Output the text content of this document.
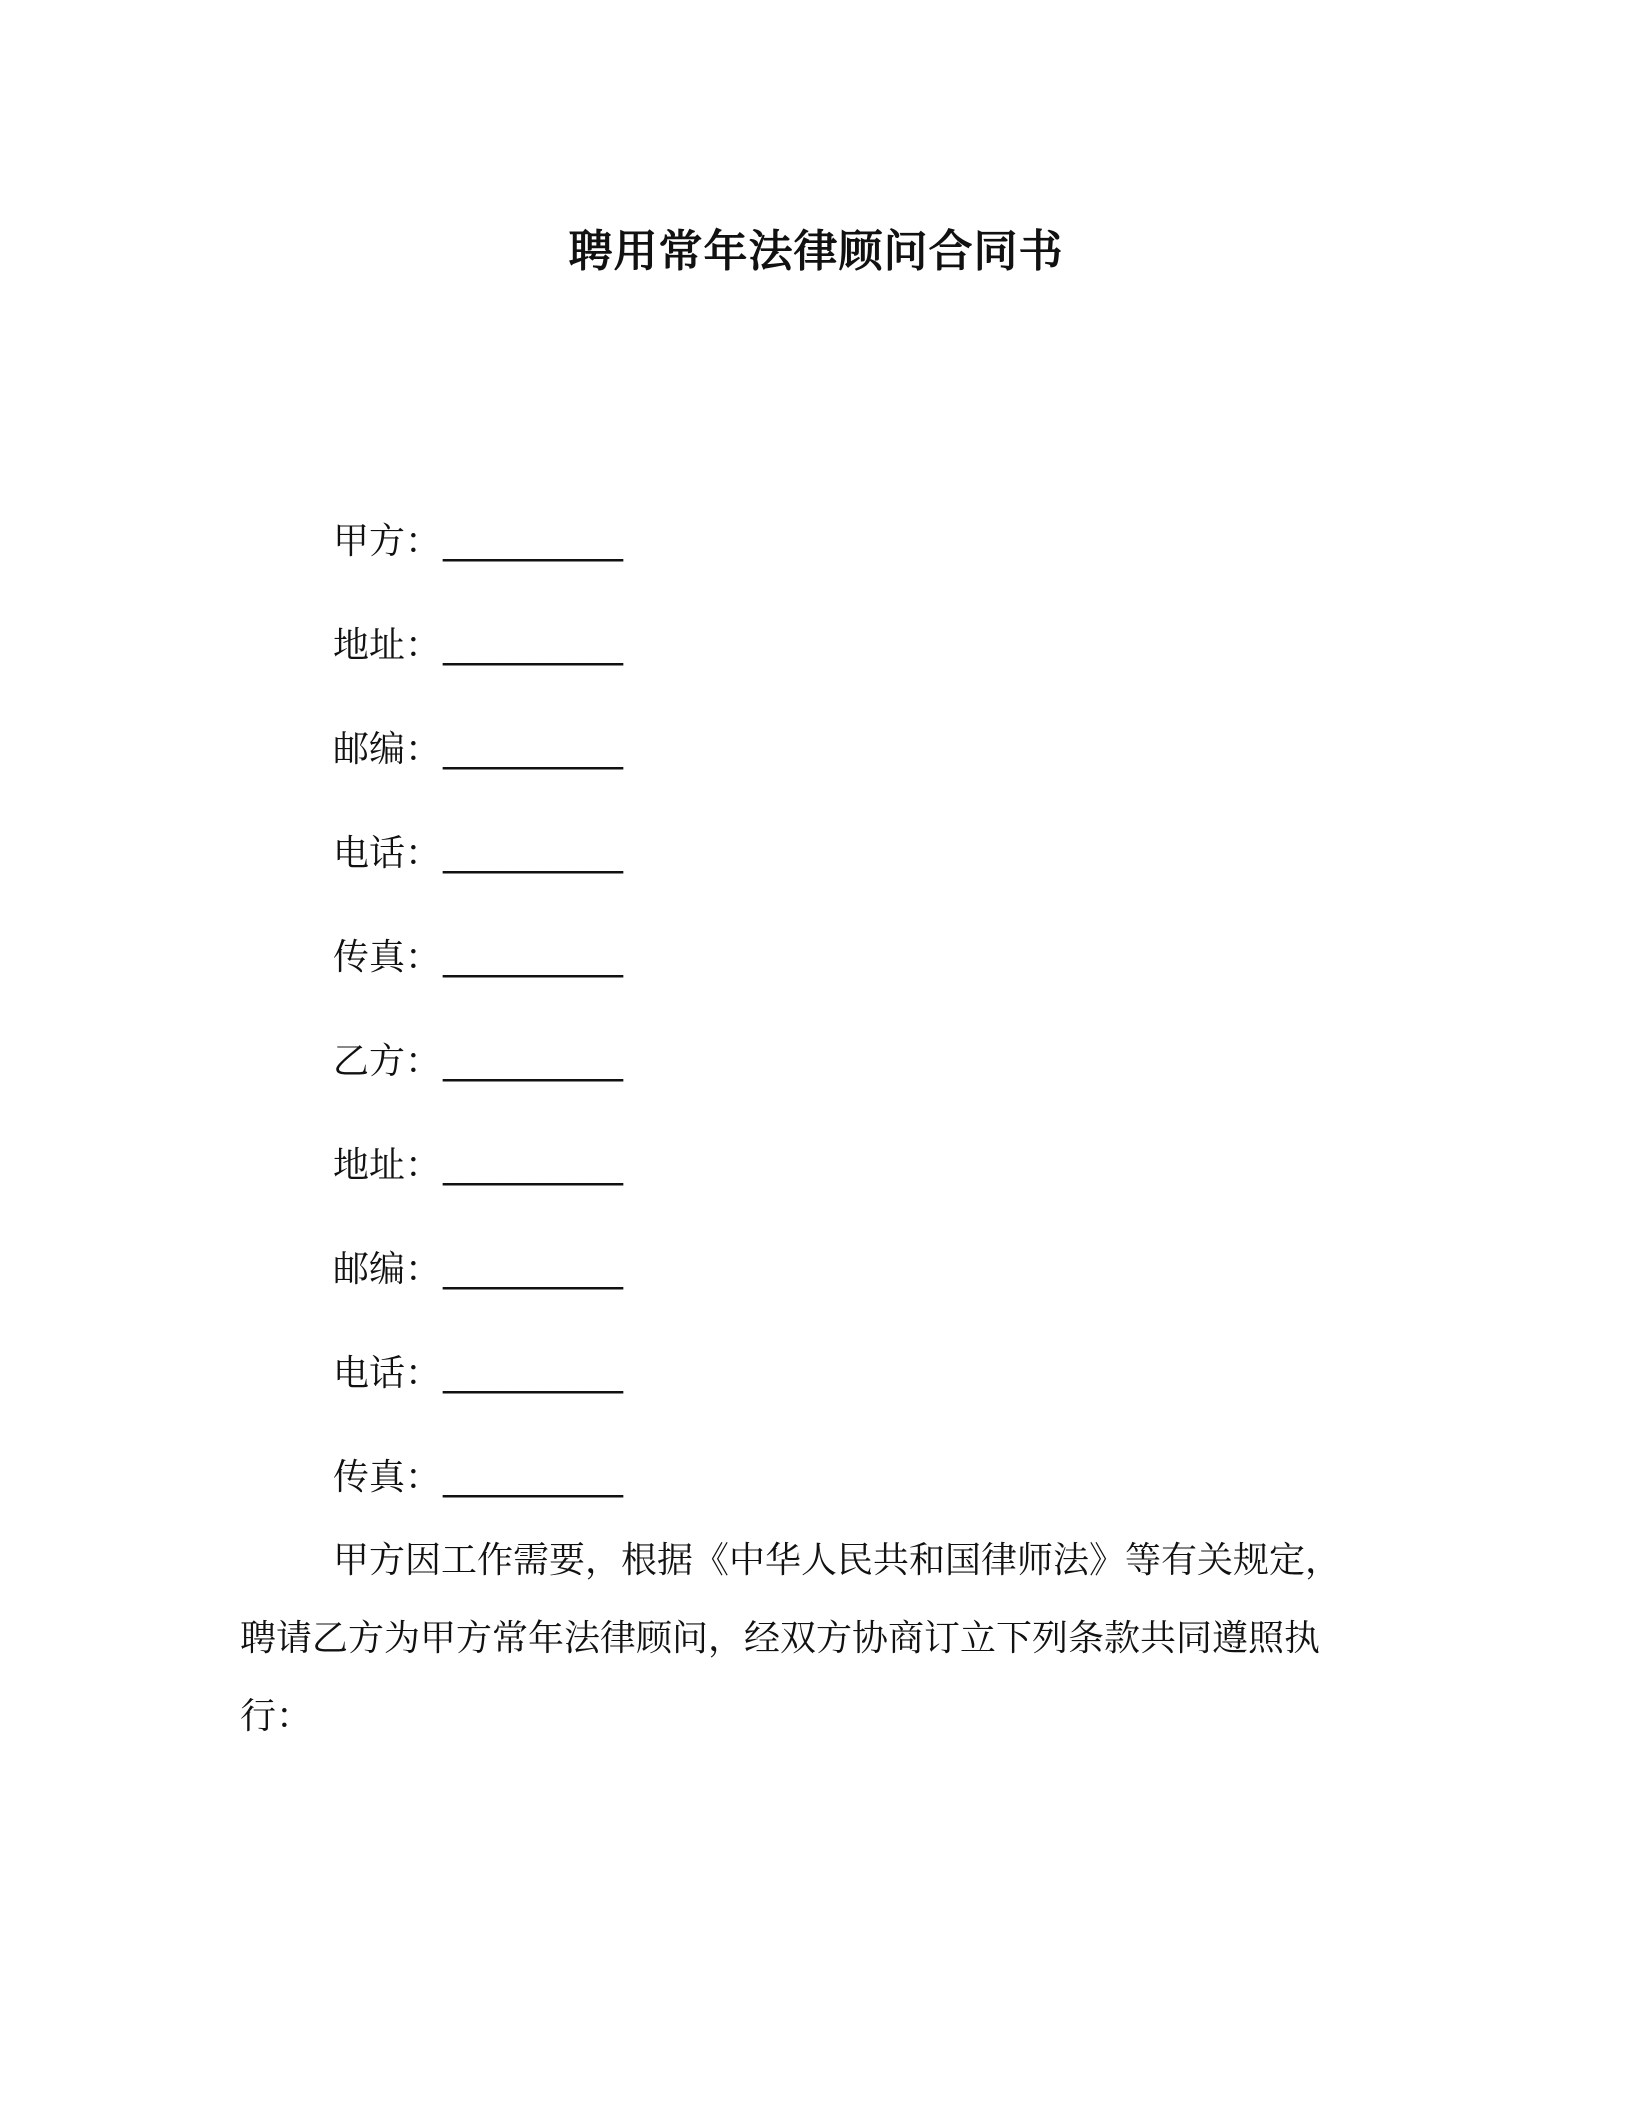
聘用常年法律顾问合同书
甲方： __________
地址： __________
邮编： __________
电话： __________
传真： __________
乙方： __________
地址： __________
邮编： __________
电话： __________
传真： __________
甲方因工作需要，根据《中华人民共和国律师法》等有关规定，聘请乙方为甲方常年法律顾问，经双方协商订立下列条款共同遵照执行：
